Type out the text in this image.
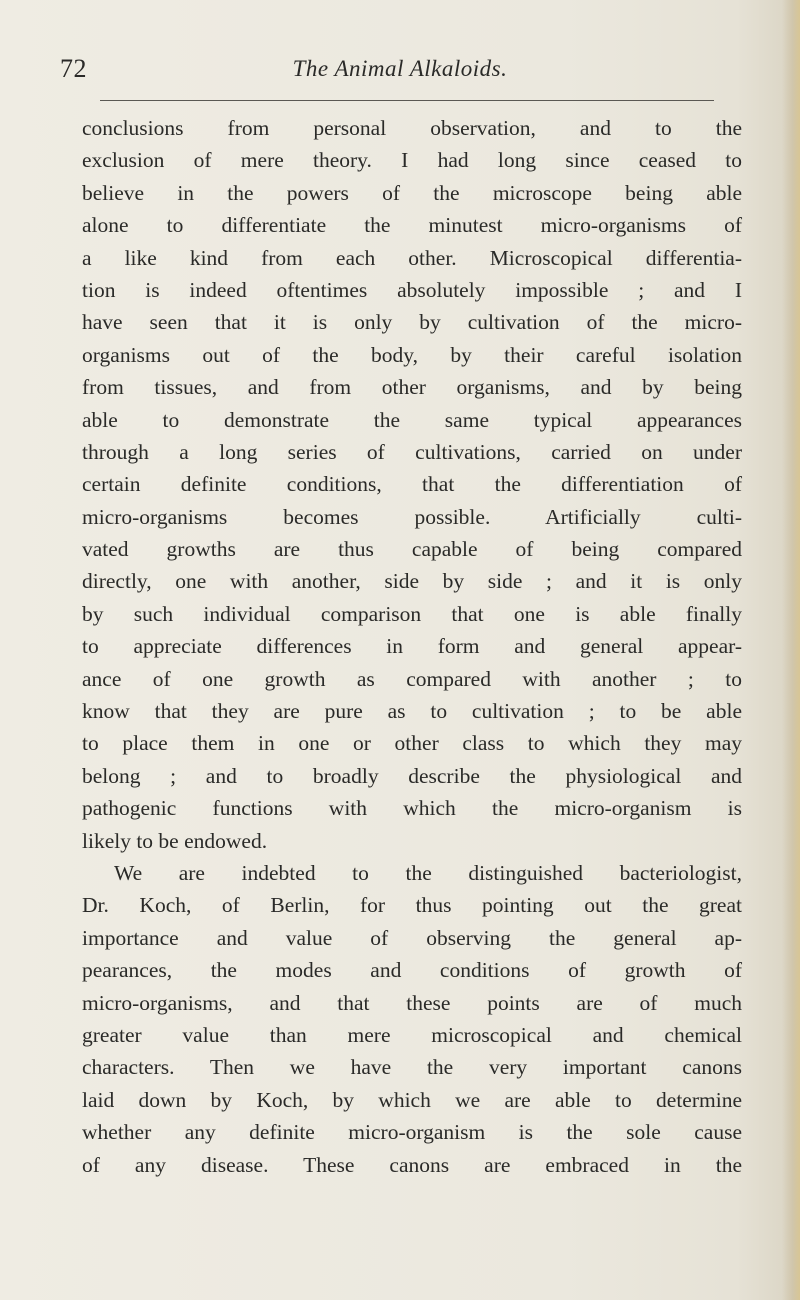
72	The Animal Alkaloids.
conclusions from personal observation, and to the
exclusion of mere theory. I had long since ceased to
believe in the powers of the microscope being able
alone to differentiate the minutest micro-organisms of
a like kind from each other. Microscopical differentia-
tion is indeed oftentimes absolutely impossible ; and I
have seen that it is only by cultivation of the micro-
organisms out of the body, by their careful isolation
from tissues, and from other organisms, and by being
able to demonstrate the same typical appearances
through a long series of cultivations, carried on under
certain definite conditions, that the differentiation of
micro-organisms becomes possible. Artificially culti-
vated growths are thus capable of being compared
directly, one with another, side by side ; and it is only
by such individual comparison that one is able finally
to appreciate differences in form and general appear-
ance of one growth as compared with another ; to
know that they are pure as to cultivation ; to be able
to place them in one or other class to which they may
belong ; and to broadly describe the physiological and
pathogenic functions with which the micro-organism is
likely to be endowed.
We are indebted to the distinguished bacteriologist,
Dr. Koch, of Berlin, for thus pointing out the great
importance and value of observing the general ap-
pearances, the modes and conditions of growth of
micro-organisms, and that these points are of much
greater value than mere microscopical and chemical
characters. Then we have the very important canons
laid down by Koch, by which we are able to determine
whether any definite micro-organism is the sole cause
of any disease. These canons are embraced in the
